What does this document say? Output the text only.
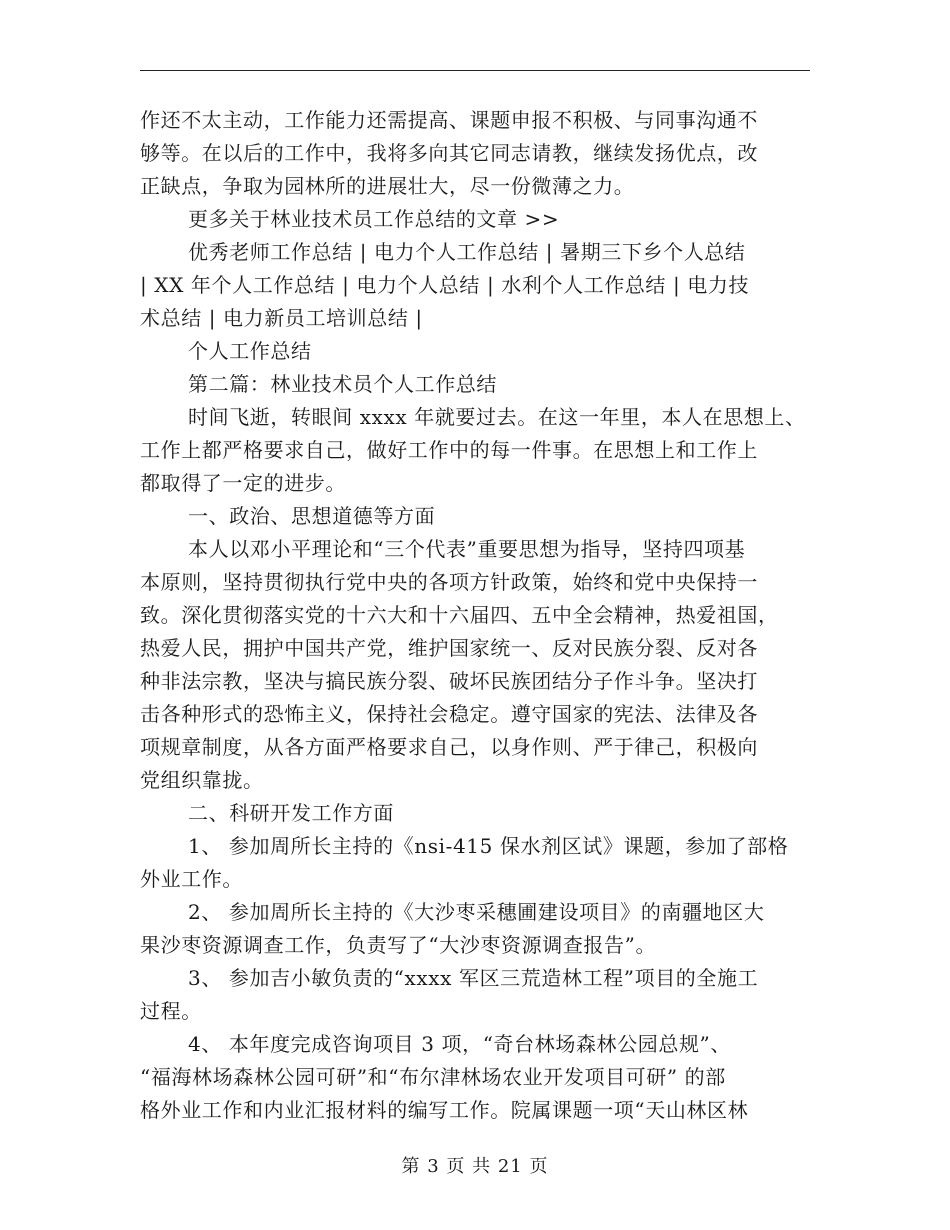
作还不太主动，工作能力还需提高、课题申报不积极、与同事沟通不
够等。在以后的工作中，我将多向其它同志请教，继续发扬优点，改
正缺点，争取为园林所的进展壮大，尽一份微薄之力。
更多关于林业技术员工作总结的文章 >>
优秀老师工作总结 | 电力个人工作总结 | 暑期三下乡个人总结
| XX 年个人工作总结 | 电力个人总结 | 水利个人工作总结 | 电力技
术总结 | 电力新员工培训总结 |
个人工作总结
第二篇：林业技术员个人工作总结
时间飞逝，转眼间 xxxx 年就要过去。在这一年里，本人在思想上、
工作上都严格要求自己，做好工作中的每一件事。在思想上和工作上
都取得了一定的进步。
一、政治、思想道德等方面
本人以邓小平理论和“三个代表”重要思想为指导，坚持四项基
本原则，坚持贯彻执行党中央的各项方针政策，始终和党中央保持一
致。深化贯彻落实党的十六大和十六届四、五中全会精神，热爱祖国，
热爱人民，拥护中国共产党，维护国家统一、反对民族分裂、反对各
种非法宗教，坚决与搞民族分裂、破坏民族团结分子作斗争。坚决打
击各种形式的恐怖主义，保持社会稳定。遵守国家的宪法、法律及各
项规章制度，从各方面严格要求自己，以身作则、严于律己，积极向
党组织靠拢。
二、科研开发工作方面
1、 参加周所长主持的《nsi-415 保水剂区试》课题，参加了部格
外业工作。
2、 参加周所长主持的《大沙枣采穗圃建设项目》的南疆地区大
果沙枣资源调查工作，负责写了“大沙枣资源调查报告”。
3、 参加吉小敏负责的“xxxx 军区三荒造林工程”项目的全施工
过程。
4、 本年度完成咨询项目 3 项，“奇台林场森林公园总规”、
“福海林场森林公园可研”和“布尔津林场农业开发项目可研” 的部
格外业工作和内业汇报材料的编写工作。院属课题一项“天山林区林
第 3 页 共 21 页
